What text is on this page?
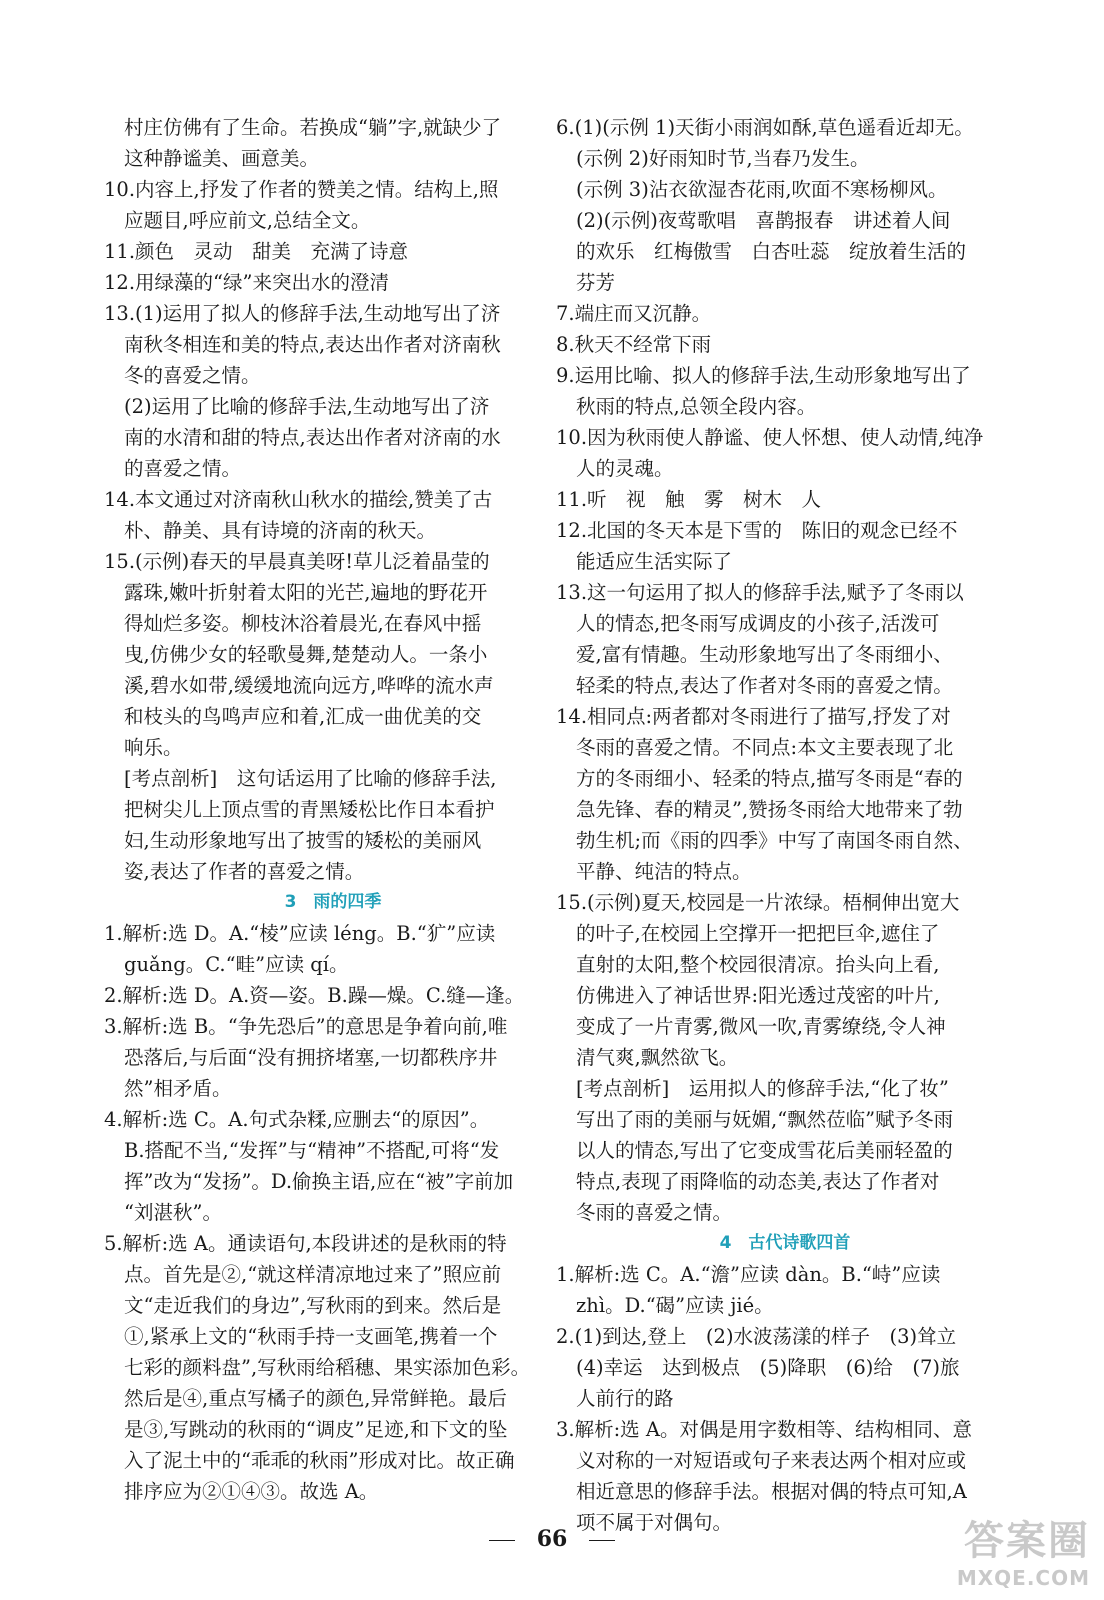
村庄仿佛有了生命。若换成“躺”字,就缺少了
这种静谧美、画意美。
10.内容上,抒发了作者的赞美之情。结构上,照
应题目,呼应前文,总结全文。
11.颜色　灵动　甜美　充满了诗意
12.用绿藻的“绿”来突出水的澄清
13.(1)运用了拟人的修辞手法,生动地写出了济
南秋冬相连和美的特点,表达出作者对济南秋
冬的喜爱之情。
(2)运用了比喻的修辞手法,生动地写出了济
南的水清和甜的特点,表达出作者对济南的水
的喜爱之情。
14.本文通过对济南秋山秋水的描绘,赞美了古
朴、静美、具有诗境的济南的秋天。
15.(示例)春天的早晨真美呀!草儿泛着晶莹的
露珠,嫩叶折射着太阳的光芒,遍地的野花开
得灿烂多姿。柳枝沐浴着晨光,在春风中摇
曳,仿佛少女的轻歌曼舞,楚楚动人。一条小
溪,碧水如带,缓缓地流向远方,哗哗的流水声
和枝头的鸟鸣声应和着,汇成一曲优美的交
响乐。
[考点剖析]　这句话运用了比喻的修辞手法,
把树尖儿上顶点雪的青黑矮松比作日本看护
妇,生动形象地写出了披雪的矮松的美丽风
姿,表达了作者的喜爱之情。
3　雨的四季
1.解析:选 D。A.“棱”应读 léng。B.“犷”应读
guǎng。C.“畦”应读 qí。
2.解析:选 D。A.资—姿。B.躁—燥。C.缝—逢。
3.解析:选 B。“争先恐后”的意思是争着向前,唯
恐落后,与后面“没有拥挤堵塞,一切都秩序井
然”相矛盾。
4.解析:选 C。A.句式杂糅,应删去“的原因”。
B.搭配不当,“发挥”与“精神”不搭配,可将“发
挥”改为“发扬”。D.偷换主语,应在“被”字前加
“刘湛秋”。
5.解析:选 A。通读语句,本段讲述的是秋雨的特
点。首先是②,“就这样清凉地过来了”照应前
文“走近我们的身边”,写秋雨的到来。然后是
①,紧承上文的“秋雨手持一支画笔,携着一个
七彩的颜料盘”,写秋雨给稻穗、果实添加色彩。
然后是④,重点写橘子的颜色,异常鲜艳。最后
是③,写跳动的秋雨的“调皮”足迹,和下文的坠
入了泥土中的“乖乖的秋雨”形成对比。故正确
排序应为②①④③。故选 A。
6.(1)(示例 1)天街小雨润如酥,草色遥看近却无。
(示例 2)好雨知时节,当春乃发生。
(示例 3)沾衣欲湿杏花雨,吹面不寒杨柳风。
(2)(示例)夜莺歌唱　喜鹊报春　讲述着人间
的欢乐　红梅傲雪　白杏吐蕊　绽放着生活的
芬芳
7.端庄而又沉静。
8.秋天不经常下雨
9.运用比喻、拟人的修辞手法,生动形象地写出了
秋雨的特点,总领全段内容。
10.因为秋雨使人静谧、使人怀想、使人动情,纯净
人的灵魂。
11.听　视　触　雾　树木　人
12.北国的冬天本是下雪的　陈旧的观念已经不
能适应生活实际了
13.这一句运用了拟人的修辞手法,赋予了冬雨以
人的情态,把冬雨写成调皮的小孩子,活泼可
爱,富有情趣。生动形象地写出了冬雨细小、
轻柔的特点,表达了作者对冬雨的喜爱之情。
14.相同点:两者都对冬雨进行了描写,抒发了对
冬雨的喜爱之情。不同点:本文主要表现了北
方的冬雨细小、轻柔的特点,描写冬雨是“春的
急先锋、春的精灵”,赞扬冬雨给大地带来了勃
勃生机;而《雨的四季》中写了南国冬雨自然、
平静、纯洁的特点。
15.(示例)夏天,校园是一片浓绿。梧桐伸出宽大
的叶子,在校园上空撑开一把把巨伞,遮住了
直射的太阳,整个校园很清凉。抬头向上看,
仿佛进入了神话世界:阳光透过茂密的叶片,
变成了一片青雾,微风一吹,青雾缭绕,令人神
清气爽,飘然欲飞。
[考点剖析]　运用拟人的修辞手法,“化了妆”
写出了雨的美丽与妩媚,“飘然莅临”赋予冬雨
以人的情态,写出了它变成雪花后美丽轻盈的
特点,表现了雨降临的动态美,表达了作者对
冬雨的喜爱之情。
4　古代诗歌四首
1.解析:选 C。A.“澹”应读 dàn。B.“峙”应读
zhì。D.“碣”应读 jié。
2.(1)到达,登上　(2)水波荡漾的样子　(3)耸立
(4)幸运　达到极点　(5)降职　(6)给　(7)旅
人前行的路
3.解析:选 A。对偶是用字数相等、结构相同、意
义对称的一对短语或句子来表达两个相对应或
相近意思的修辞手法。根据对偶的特点可知,A
项不属于对偶句。
66	答案圈
MXQE.COM
